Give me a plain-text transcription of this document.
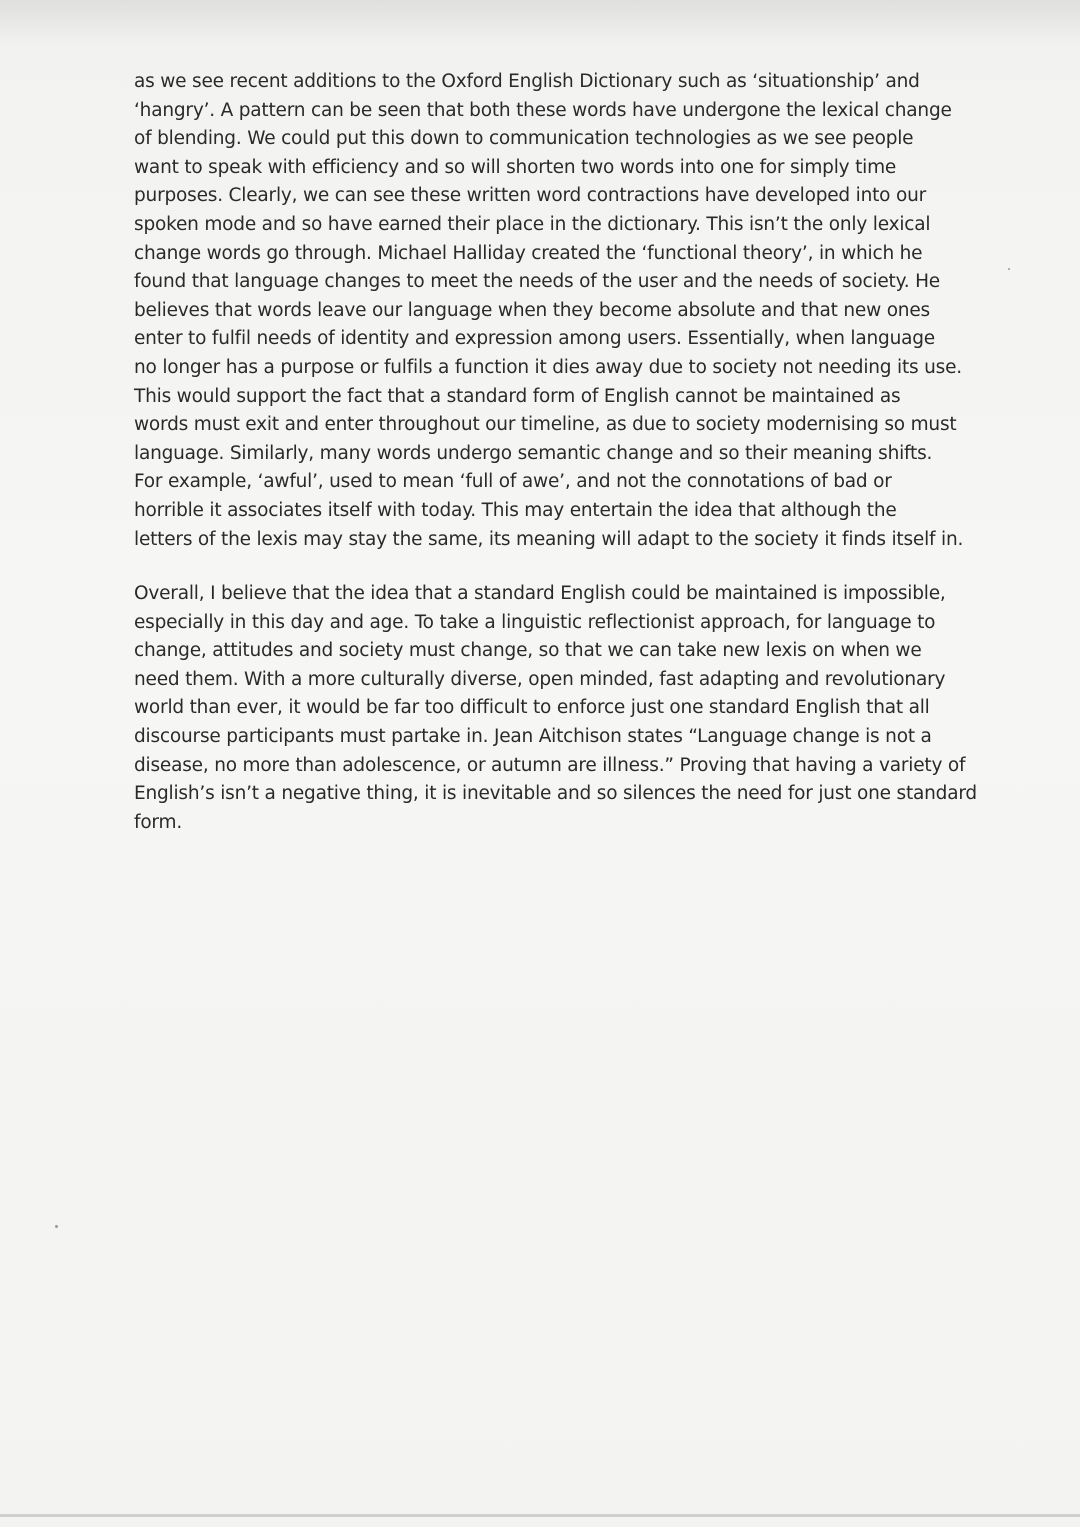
as we see recent additions to the Oxford English Dictionary such as ‘situationship’ and
‘hangry’. A pattern can be seen that both these words have undergone the lexical change
of blending. We could put this down to communication technologies as we see people
want to speak with efficiency and so will shorten two words into one for simply time
purposes. Clearly, we can see these written word contractions have developed into our
spoken mode and so have earned their place in the dictionary. This isn’t the only lexical
change words go through. Michael Halliday created the ‘functional theory’, in which he
found that language changes to meet the needs of the user and the needs of society. He
believes that words leave our language when they become absolute and that new ones
enter to fulfil needs of identity and expression among users. Essentially, when language
no longer has a purpose or fulfils a function it dies away due to society not needing its use.
This would support the fact that a standard form of English cannot be maintained as
words must exit and enter throughout our timeline, as due to society modernising so must
language. Similarly, many words undergo semantic change and so their meaning shifts.
For example, ‘awful’, used to mean ‘full of awe’, and not the connotations of bad or
horrible it associates itself with today. This may entertain the idea that although the
letters of the lexis may stay the same, its meaning will adapt to the society it finds itself in.
Overall, I believe that the idea that a standard English could be maintained is impossible,
especially in this day and age. To take a linguistic reflectionist approach, for language to
change, attitudes and society must change, so that we can take new lexis on when we
need them. With a more culturally diverse, open minded, fast adapting and revolutionary
world than ever, it would be far too difficult to enforce just one standard English that all
discourse participants must partake in. Jean Aitchison states “Language change is not a
disease, no more than adolescence, or autumn are illness.” Proving that having a variety of
English’s isn’t a negative thing, it is inevitable and so silences the need for just one standard
form.
